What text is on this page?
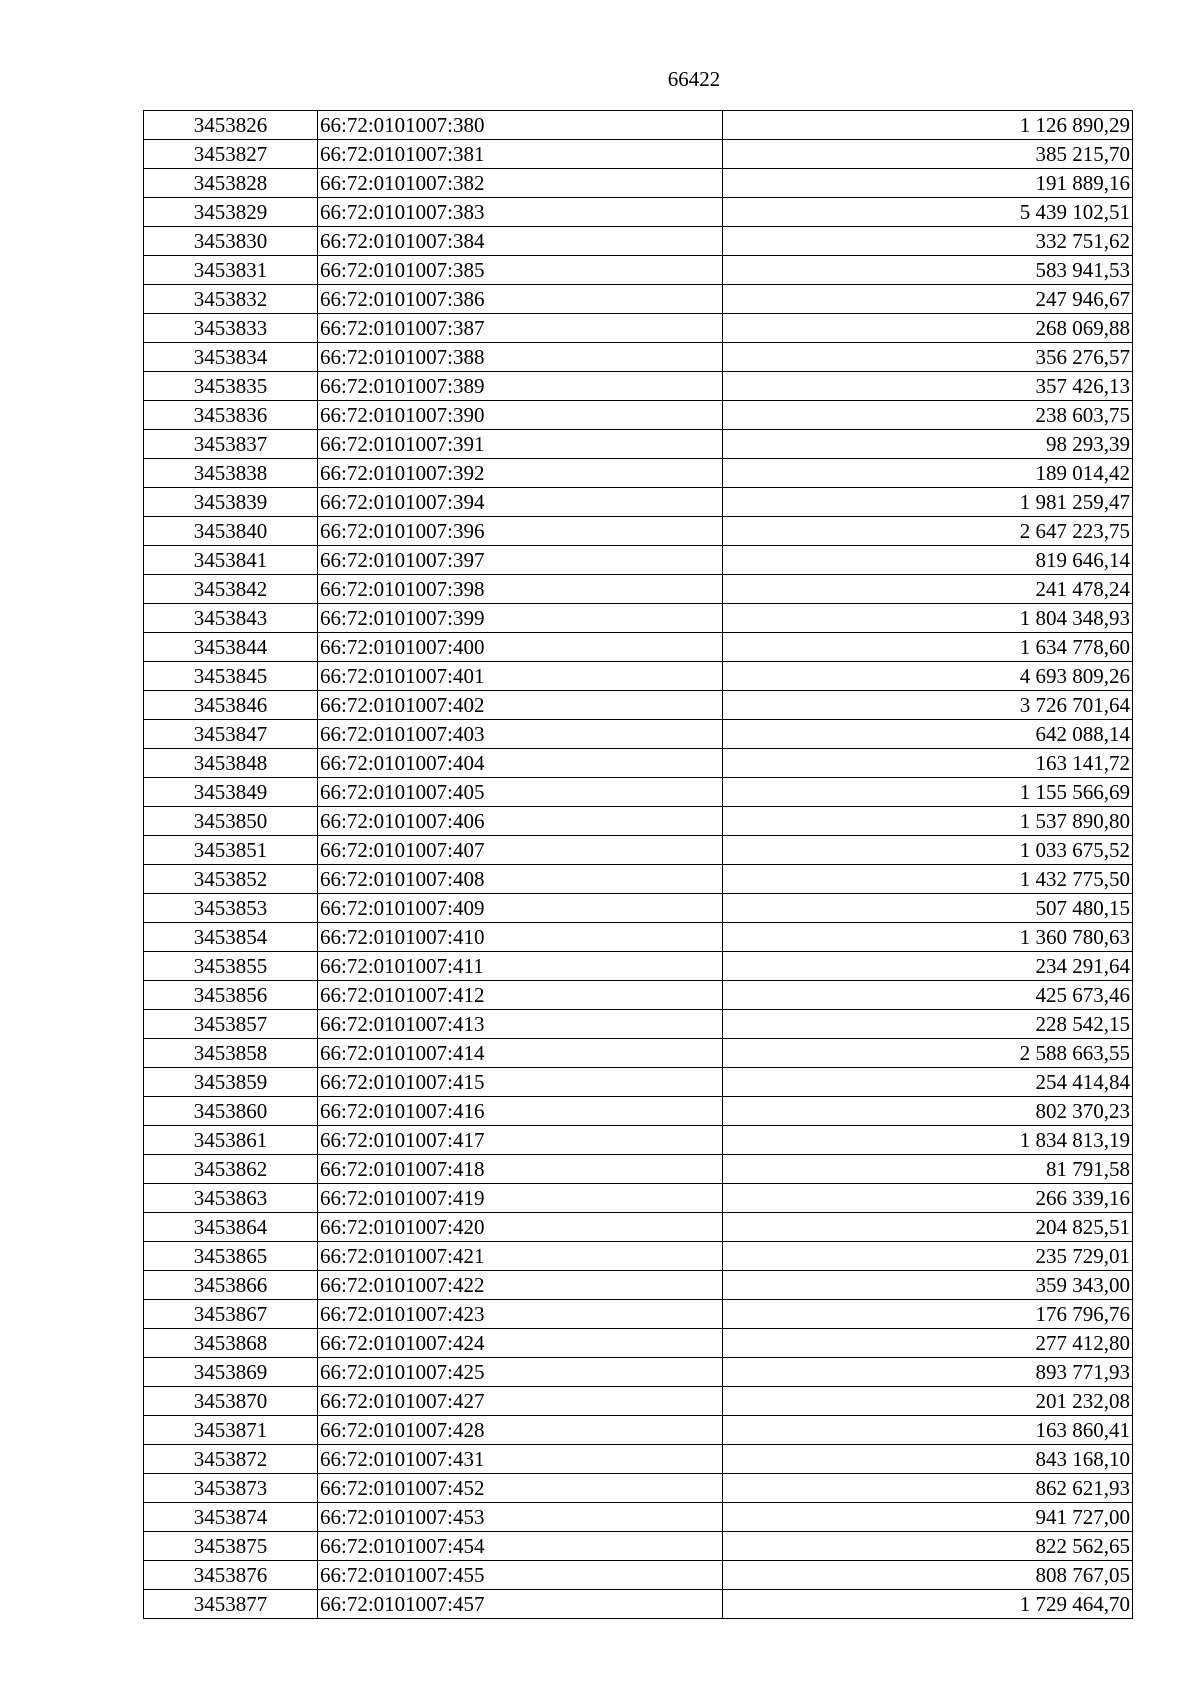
66422
3453826	66:72:0101007:380	1 126 890,29
3453827	66:72:0101007:381	385 215,70
3453828	66:72:0101007:382	191 889,16
3453829	66:72:0101007:383	5 439 102,51
3453830	66:72:0101007:384	332 751,62
3453831	66:72:0101007:385	583 941,53
3453832	66:72:0101007:386	247 946,67
3453833	66:72:0101007:387	268 069,88
3453834	66:72:0101007:388	356 276,57
3453835	66:72:0101007:389	357 426,13
3453836	66:72:0101007:390	238 603,75
3453837	66:72:0101007:391	98 293,39
3453838	66:72:0101007:392	189 014,42
3453839	66:72:0101007:394	1 981 259,47
3453840	66:72:0101007:396	2 647 223,75
3453841	66:72:0101007:397	819 646,14
3453842	66:72:0101007:398	241 478,24
3453843	66:72:0101007:399	1 804 348,93
3453844	66:72:0101007:400	1 634 778,60
3453845	66:72:0101007:401	4 693 809,26
3453846	66:72:0101007:402	3 726 701,64
3453847	66:72:0101007:403	642 088,14
3453848	66:72:0101007:404	163 141,72
3453849	66:72:0101007:405	1 155 566,69
3453850	66:72:0101007:406	1 537 890,80
3453851	66:72:0101007:407	1 033 675,52
3453852	66:72:0101007:408	1 432 775,50
3453853	66:72:0101007:409	507 480,15
3453854	66:72:0101007:410	1 360 780,63
3453855	66:72:0101007:411	234 291,64
3453856	66:72:0101007:412	425 673,46
3453857	66:72:0101007:413	228 542,15
3453858	66:72:0101007:414	2 588 663,55
3453859	66:72:0101007:415	254 414,84
3453860	66:72:0101007:416	802 370,23
3453861	66:72:0101007:417	1 834 813,19
3453862	66:72:0101007:418	81 791,58
3453863	66:72:0101007:419	266 339,16
3453864	66:72:0101007:420	204 825,51
3453865	66:72:0101007:421	235 729,01
3453866	66:72:0101007:422	359 343,00
3453867	66:72:0101007:423	176 796,76
3453868	66:72:0101007:424	277 412,80
3453869	66:72:0101007:425	893 771,93
3453870	66:72:0101007:427	201 232,08
3453871	66:72:0101007:428	163 860,41
3453872	66:72:0101007:431	843 168,10
3453873	66:72:0101007:452	862 621,93
3453874	66:72:0101007:453	941 727,00
3453875	66:72:0101007:454	822 562,65
3453876	66:72:0101007:455	808 767,05
3453877	66:72:0101007:457	1 729 464,70
